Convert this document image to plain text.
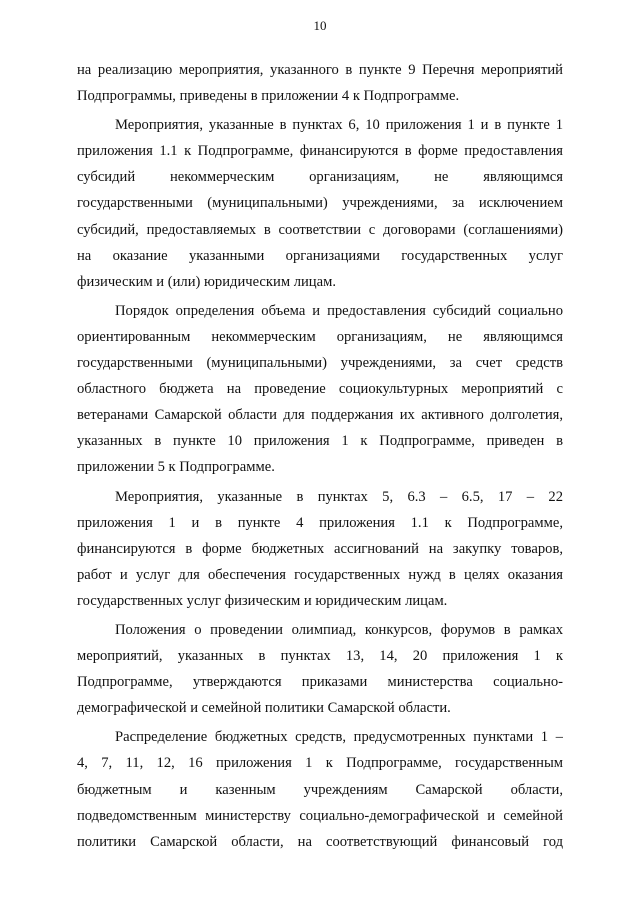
10
на реализацию мероприятия, указанного в пункте 9 Перечня мероприятий
Подпрограммы, приведены в приложении 4 к Подпрограмме.
Мероприятия, указанные в пунктах 6, 10 приложения 1 и в пункте 1
приложения 1.1 к Подпрограмме, финансируются в форме предоставления
субсидий некоммерческим организациям, не являющимся
государственными (муниципальными) учреждениями, за исключением
субсидий, предоставляемых в соответствии с договорами (соглашениями)
на оказание указанными организациями государственных услуг
физическим и (или) юридическим лицам.
Порядок определения объема и предоставления субсидий социально
ориентированным некоммерческим организациям, не являющимся
государственными (муниципальными) учреждениями, за счет средств
областного бюджета на проведение социокультурных мероприятий с
ветеранами Самарской области для поддержания их активного долголетия,
указанных в пункте 10 приложения 1 к Подпрограмме, приведен в
приложении 5 к Подпрограмме.
Мероприятия, указанные в пунктах 5, 6.3 – 6.5, 17 – 22
приложения 1 и в пункте 4 приложения 1.1 к Подпрограмме,
финансируются в форме бюджетных ассигнований на закупку товаров,
работ и услуг для обеспечения государственных нужд в целях оказания
государственных услуг физическим и юридическим лицам.
Положения о проведении олимпиад, конкурсов, форумов в рамках
мероприятий, указанных в пунктах 13, 14, 20 приложения 1 к
Подпрограмме, утверждаются приказами министерства социально-
демографической и семейной политики Самарской области.
Распределение бюджетных средств, предусмотренных пунктами 1 –
4, 7, 11, 12, 16 приложения 1 к Подпрограмме, государственным
бюджетным и казенным учреждениям Самарской области,
подведомственным министерству социально-демографической и семейной
политики Самарской области, на соответствующий финансовый год
